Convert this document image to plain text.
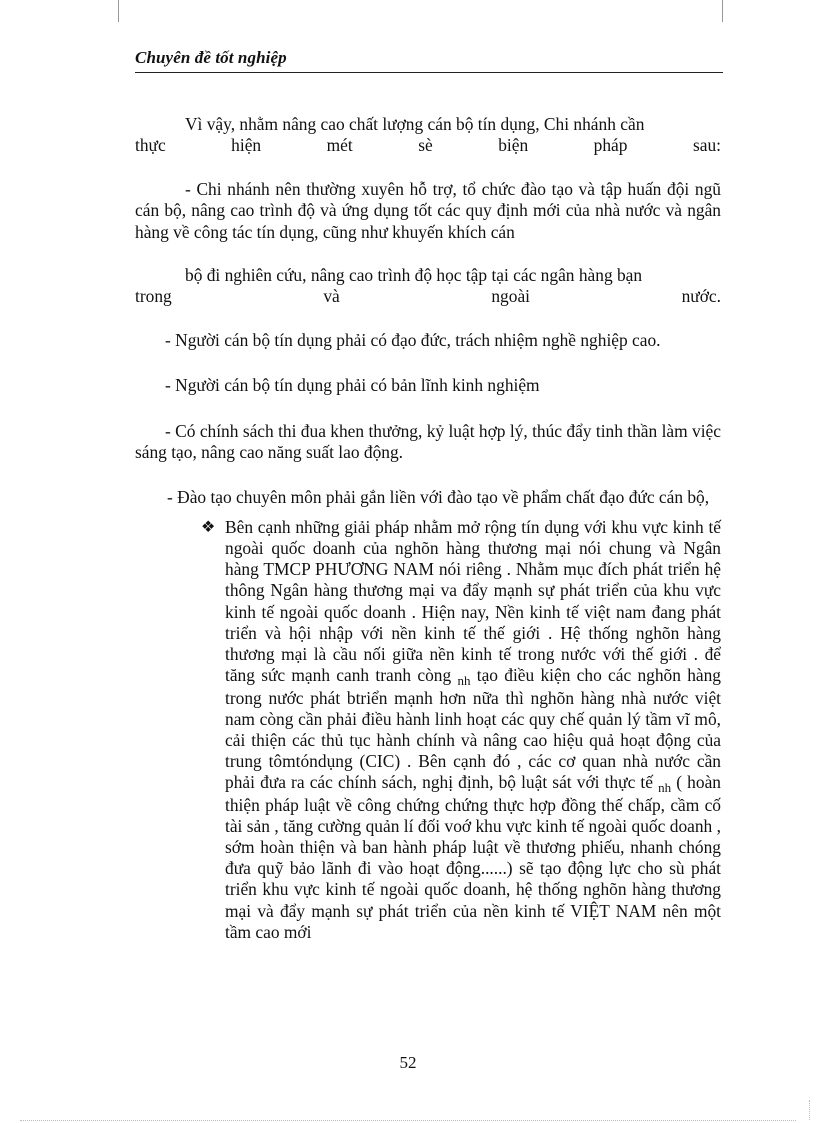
Chuyên đề tốt nghiệp

Vì vậy, nhằm nâng cao chất lượng cán bộ tín dụng, Chi nhánh cần

thực	hiện	mét	sè	biện	pháp	sau:

- Chi nhánh nên thường xuyên hỗ trợ, tổ chức đào tạo và tập huấn đội ngũ cán bộ, nâng cao trình độ và ứng dụng tốt các quy định mới của nhà nước và ngân hàng về công tác tín dụng, cũng như khuyến khích cán

bộ đi nghiên cứu, nâng cao trình độ học tập tại các ngân hàng bạn

trong	và	ngoài	nước.

- Người cán bộ tín dụng phải có đạo đức, trách nhiệm nghề nghiệp cao.

- Người cán bộ tín dụng phải có bản lĩnh kinh nghiệm

- Có chính sách thi đua khen thưởng, kỷ luật hợp lý, thúc đẩy tinh thần làm việc sáng tạo, nâng cao năng suất lao động.

- Đào tạo chuyên môn phải gắn liền với đào tạo về phẩm chất đạo đức cán bộ,

❖ Bên cạnh những giải pháp nhằm mở rộng tín dụng với khu vực kinh tế ngoài quốc doanh của nghõn hàng thương mại nói chung và Ngân hàng TMCP PHƯƠNG NAM nói riêng . Nhằm mục đích phát triển hệ thông Ngân hàng thương mại va đẩy mạnh sự phát triển của khu vực kinh tế ngoài quốc doanh . Hiện nay, Nền kinh tế việt nam đang phát triển và hội nhập với nền kinh tế thế giới . Hệ thống nghõn hàng thương mại là cầu nối giữa nền kinh tế trong nước với thế giới . để tăng sức mạnh canh tranh còng $_{nh}$ tạo điều kiện cho các nghõn hàng trong nước phát btriển mạnh hơn nữa thì nghõn hàng nhà nước việt nam còng cần phải điều hành linh hoạt các quy chế quản lý tầm vĩ mô, cải thiện các thủ tục hành chính và nâng cao hiệu quả hoạt động của trung tômtóndụng (CIC) . Bên cạnh đó , các cơ quan nhà nước cần phải đưa ra các chính sách, nghị định, bộ luật sát với thực tế $_{nh}$ ( hoàn thiện pháp luật về công chứng chứng thực hợp đồng thế chấp, cầm cố tài sản , tăng cường quản lí đối voớ khu vực kinh tế ngoài quốc doanh , sớm hoàn thiện và ban hành pháp luật về thương phiếu, nhanh chóng đưa quỹ bảo lãnh đi vào hoạt động......) sẽ tạo động lực cho sù phát triển khu vực kinh tế ngoài quốc doanh, hệ thống nghõn hàng thương mại và đẩy mạnh sự phát triển của nền kinh tế VIỆT NAM nên một tầm cao mới
52
